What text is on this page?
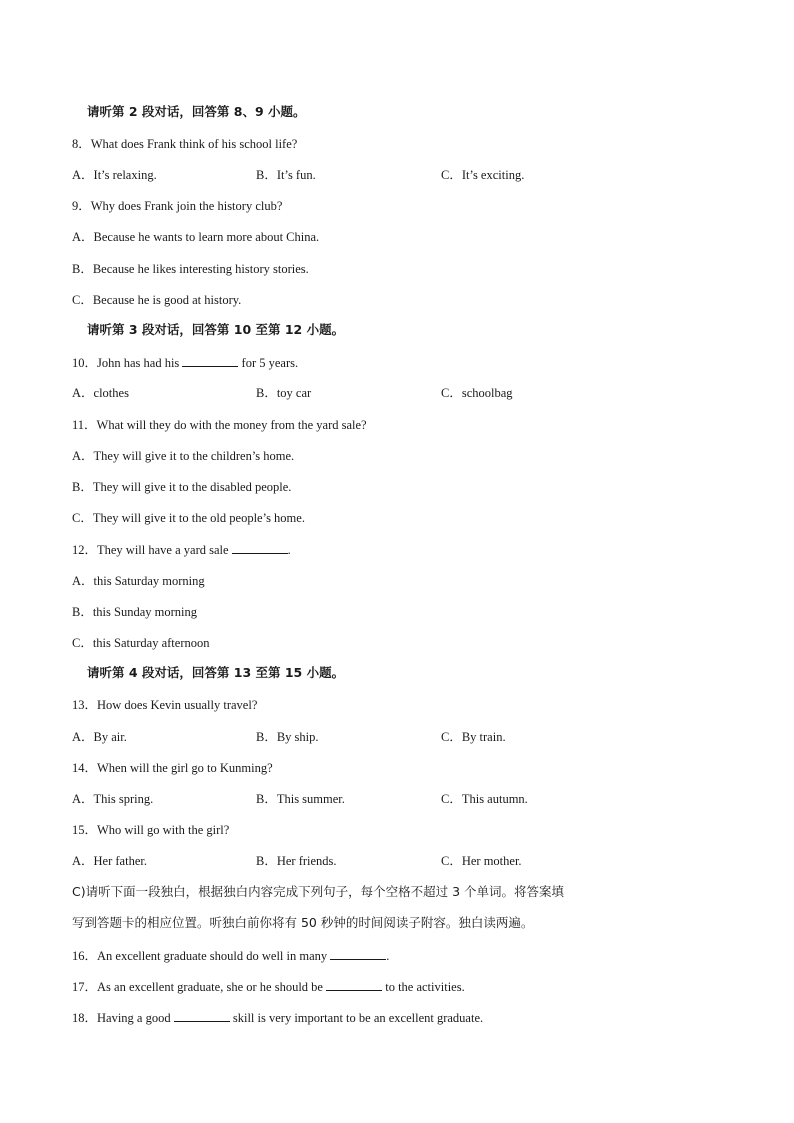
请听第 2 段对话，回答第 8、9 小题。
8．What does Frank think of his school life?
A．It’s relaxing.	B．It’s fun.	C．It’s exciting.
9．Why does Frank join the history club?
A．Because he wants to learn more about China.
B．Because he likes interesting history stories.
C．Because he is good at history.
请听第 3 段对话，回答第 10 至第 12 小题。
10．John has had his	for 5 years.
A．clothes	B．toy car	C．schoolbag
11．What will they do with the money from the yard sale?
A．They will give it to the children’s home.
B．They will give it to the disabled people.
C．They will give it to the old people’s home.
12．They will have a yard sale	.
A．this Saturday morning
B．this Sunday morning
C．this Saturday afternoon
请听第 4 段对话，回答第 13 至第 15 小题。
13．How does Kevin usually travel?
A．By air.	B．By ship.	C．By train.
14．When will the girl go to Kunming?
A．This spring.	B．This summer.	C．This autumn.
15．Who will go with the girl?
A．Her father.	B．Her friends.	C．Her mother.
C)请听下面一段独白，根据独白内容完成下列句子，每个空格不超过 3 个单词。将答案填
写到答题卡的相应位置。听独白前你将有 50 秒钟的时间阅读子附容。独白读两遍。
16．An excellent graduate should do well in many	.
17．As an excellent graduate, she or he should be	to the activities.
18．Having a good	skill is very important to be an excellent graduate.
